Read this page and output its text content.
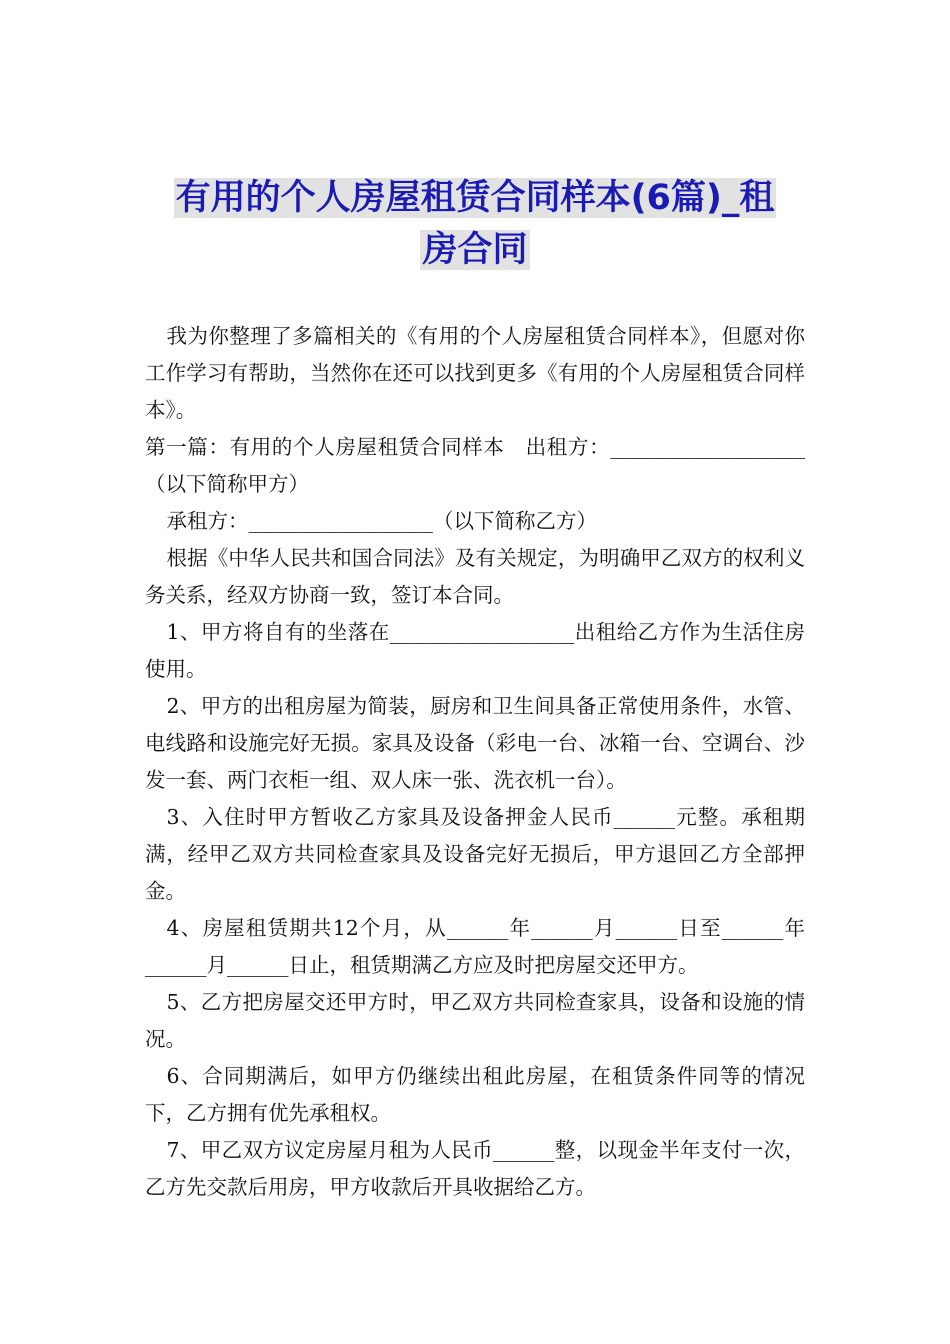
有用的个人房屋租赁合同样本(6篇)_租
房合同

我为你整理了多篇相关的《有用的个人房屋租赁合同样本》，但愿对你工作学习有帮助，当然你在还可以找到更多《有用的个人房屋租赁合同样本》。

第一篇：有用的个人房屋租赁合同样本　出租方：___________________（以下简称甲方）

承租方：__________________（以下简称乙方）

根据《中华人民共和国合同法》及有关规定，为明确甲乙双方的权利义务关系，经双方协商一致，签订本合同。

1、甲方将自有的坐落在__________________出租给乙方作为生活住房使用。

2、甲方的出租房屋为简装，厨房和卫生间具备正常使用条件，水管、电线路和设施完好无损。家具及设备（彩电一台、冰箱一台、空调台、沙发一套、两门衣柜一组、双人床一张、洗衣机一台）。

3、入住时甲方暂收乙方家具及设备押金人民币______元整。承租期满，经甲乙双方共同检查家具及设备完好无损后，甲方退回乙方全部押金。

4、房屋租赁期共12个月，从______年______月______日至______年______月______日止，租赁期满乙方应及时把房屋交还甲方。

5、乙方把房屋交还甲方时，甲乙双方共同检查家具，设备和设施的情况。

6、合同期满后，如甲方仍继续出租此房屋，在租赁条件同等的情况下，乙方拥有优先承租权。

7、甲乙双方议定房屋月租为人民币______整，以现金半年支付一次，乙方先交款后用房，甲方收款后开具收据给乙方。
